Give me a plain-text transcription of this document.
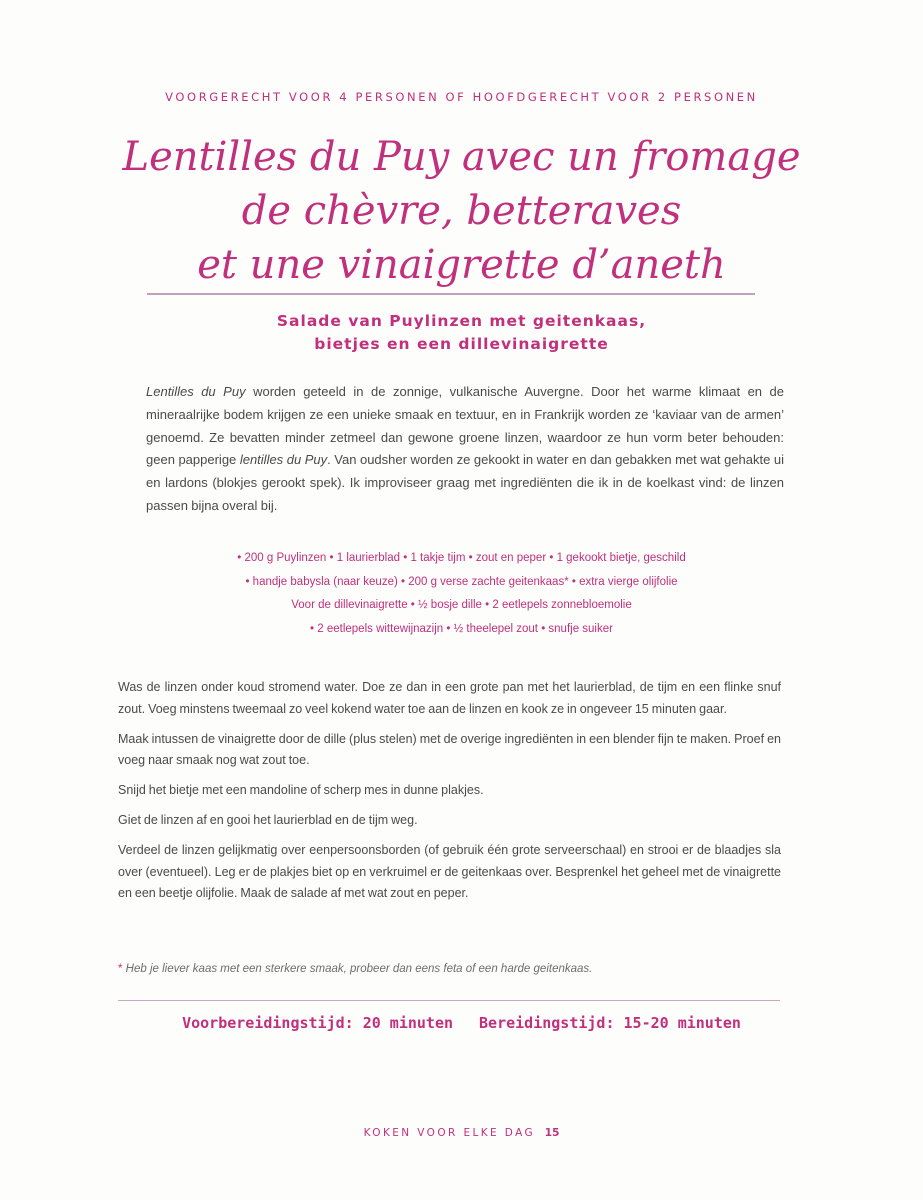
VOORGERECHT VOOR 4 PERSONEN OF HOOFDGERECHT VOOR 2 PERSONEN
Lentilles du Puy avec un fromage
de chèvre, betteraves
et une vinaigrette d’aneth
Salade van Puylinzen met geitenkaas,
bietjes en een dillevinaigrette

Lentilles du Puy worden geteeld in de zonnige, vulkanische Auvergne. Door het warme klimaat en de mineraalrijke bodem krijgen ze een unieke smaak en textuur, en in Frankrijk worden ze ‘kaviaar van de armen’ genoemd. Ze bevatten minder zetmeel dan gewone groene linzen, waardoor ze hun vorm beter behouden: geen papperige lentilles du Puy. Van oudsher worden ze gekookt in water en dan gebakken met wat gehakte ui en lardons (blokjes gerookt spek). Ik improviseer graag met ingrediënten die ik in de koelkast vind: de linzen passen bijna overal bij.

• 200 g Puylinzen • 1 laurierblad • 1 takje tijm • zout en peper • 1 gekookt bietje, geschild
• handje babysla (naar keuze) • 200 g verse zachte geitenkaas* • extra vierge olijfolie
Voor de dillevinaigrette • ½ bosje dille • 2 eetlepels zonnebloemolie
• 2 eetlepels wittewijnazijn • ½ theelepel zout • snufje suiker

Was de linzen onder koud stromend water. Doe ze dan in een grote pan met het laurierblad, de tijm en een flinke snuf zout. Voeg minstens tweemaal zo veel kokend water toe aan de linzen en kook ze in ongeveer 15 minuten gaar.

Maak intussen de vinaigrette door de dille (plus stelen) met de overige ingrediënten in een blender fijn te maken. Proef en voeg naar smaak nog wat zout toe.

Snijd het bietje met een mandoline of scherp mes in dunne plakjes.

Giet de linzen af en gooi het laurierblad en de tijm weg.

Verdeel de linzen gelijkmatig over eenpersoonsborden (of gebruik één grote serveerschaal) en strooi er de blaadjes sla over (eventueel). Leg er de plakjes biet op en verkruimel er de geitenkaas over. Besprenkel het geheel met de vinaigrette en een beetje olijfolie. Maak de salade af met wat zout en peper.

* Heb je liever kaas met een sterkere smaak, probeer dan eens feta of een harde geitenkaas.

Voorbereidingstijd: 20 minuten Bereidingstijd: 15-20 minuten
KOKEN VOOR ELKE DAG 15
